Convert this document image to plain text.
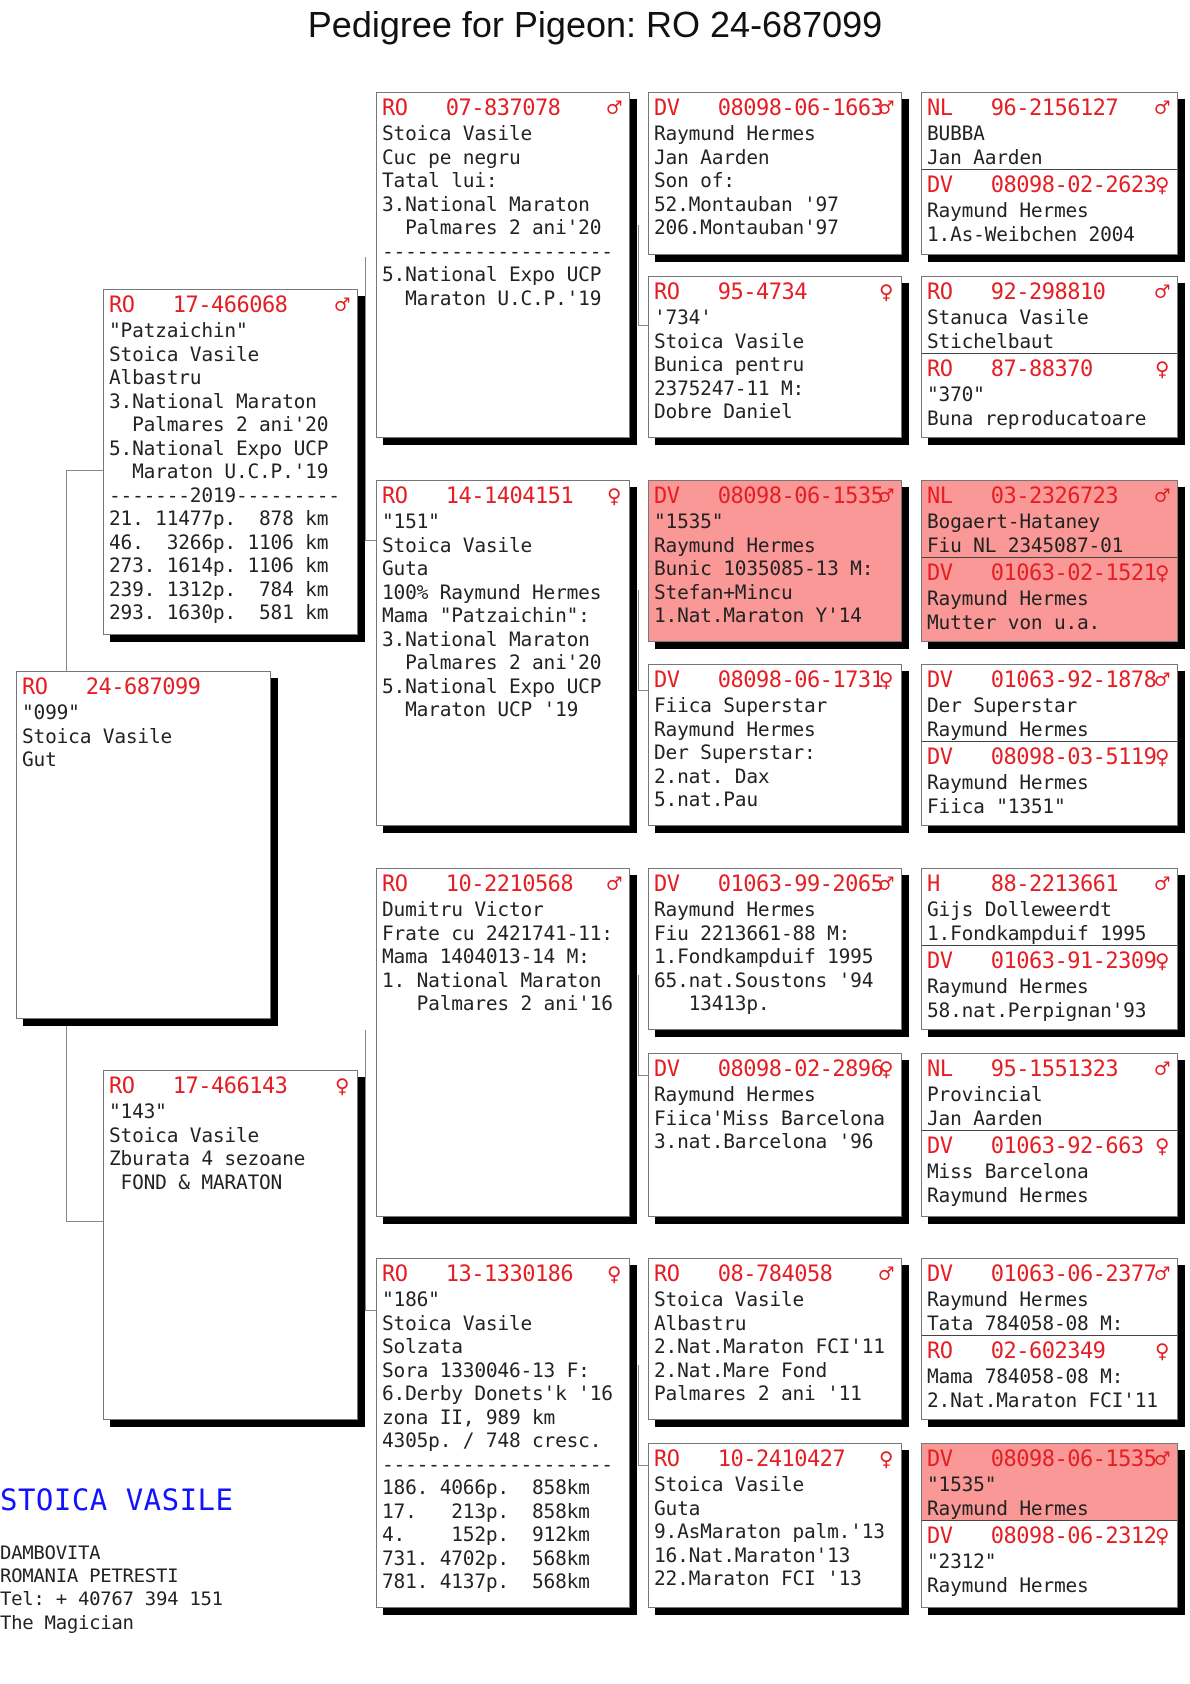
Pedigree for Pigeon: RO 24-687099
RO   24-687099
"099"
Stoica Vasile
Gut
RO   17-466068 ♂
"Patzaichin"
Stoica Vasile
Albastru
3.National Maraton
Palmares 2 ani'20
5.National Expo UCP
Maraton U.C.P.'19
-------2019---------
21. 11477p.  878 km
46.  3266p. 1106 km
273. 1614p. 1106 km
239. 1312p.  784 km
293. 1630p.  581 km
RO   17-466143 ♀
"143"
Stoica Vasile
Zburata 4 sezoane
FOND & MARATON
RO   07-837078 ♂
Stoica Vasile
Cuc pe negru
Tatal lui:
3.National Maraton
Palmares 2 ani'20
--------------------
5.National Expo UCP
Maraton U.C.P.'19
RO   14-1404151 ♀
"151"
Stoica Vasile
Guta
100% Raymund Hermes
Mama "Patzaichin":
3.National Maraton
Palmares 2 ani'20
5.National Expo UCP
Maraton UCP '19
RO   10-2210568 ♂
Dumitru Victor
Frate cu 2421741-11:
Mama 1404013-14 M:
1. National Maraton
Palmares 2 ani'16
RO   13-1330186 ♀
"186"
Stoica Vasile
Solzata
Sora 1330046-13 F:
6.Derby Donets'k '16
zona II, 989 km
4305p. / 748 cresc.
--------------------
186. 4066p.  858km
17.   213p.  858km
4.    152p.  912km
731. 4702p.  568km
781. 4137p.  568km
DV   08098-06-1663
♂
Raymund Hermes
Jan Aarden
Son of:
52.Montauban '97
206.Montauban'97
RO   95-4734	♀
'734'
Stoica Vasile
Bunica pentru
2375247-11 M:
Dobre Daniel
DV   08098-06-1535
♂
"1535"
Raymund Hermes
Bunic 1035085-13 M:
Stefan+Mincu
1.Nat.Maraton Y'14
DV   08098-06-1731
♀
Fiica Superstar
Raymund Hermes
Der Superstar:
2.nat. Dax
5.nat.Pau
DV   01063-99-2065
♂
Raymund Hermes
Fiu 2213661-88 M:
1.Fondkampduif 1995
65.nat.Soustons '94
13413p.
DV   08098-02-2896
♀
Raymund Hermes
Fiica'Miss Barcelona
3.nat.Barcelona '96
RO   08-784058 ♂
Stoica Vasile
Albastru
2.Nat.Maraton FCI'11
2.Nat.Mare Fond
Palmares 2 ani '11
RO   10-2410427 ♀
Stoica Vasile
Guta
9.AsMaraton palm.'13
16.Nat.Maraton'13
22.Maraton FCI '13
NL   96-2156127 ♂
BUBBA
Jan Aarden
DV   08098-02-2623
♀
Raymund Hermes
1.As-Weibchen 2004
RO   92-298810 ♂
Stanuca Vasile
Stichelbaut
RO   87-88370	♀
"370"
Buna reproducatoare
NL   03-2326723 ♂
Bogaert-Hataney
Fiu NL 2345087-01
DV   01063-02-1521
♀
Raymund Hermes
Mutter von u.a.
DV   01063-92-1878
♂
Der Superstar
Raymund Hermes
DV   08098-03-5119
♀
Raymund Hermes
Fiica "1351"
H    88-2213661 ♂
Gijs Dolleweerdt
1.Fondkampduif 1995
DV   01063-91-2309
♀
Raymund Hermes
58.nat.Perpignan'93
NL   95-1551323 ♂
Provincial
Jan Aarden
DV   01063-92-663 ♀
Miss Barcelona
Raymund Hermes
DV   01063-06-2377
♂
Raymund Hermes
Tata 784058-08 M:
RO   02-602349 ♀
Mama 784058-08 M:
2.Nat.Maraton FCI'11
DV   08098-06-1535
♂
"1535"
Raymund Hermes
DV   08098-06-2312
♀
"2312"
Raymund Hermes
STOICA VASILE
DAMBOVITA
ROMANIA PETRESTI
Tel: + 40767 394 151
The Magician
